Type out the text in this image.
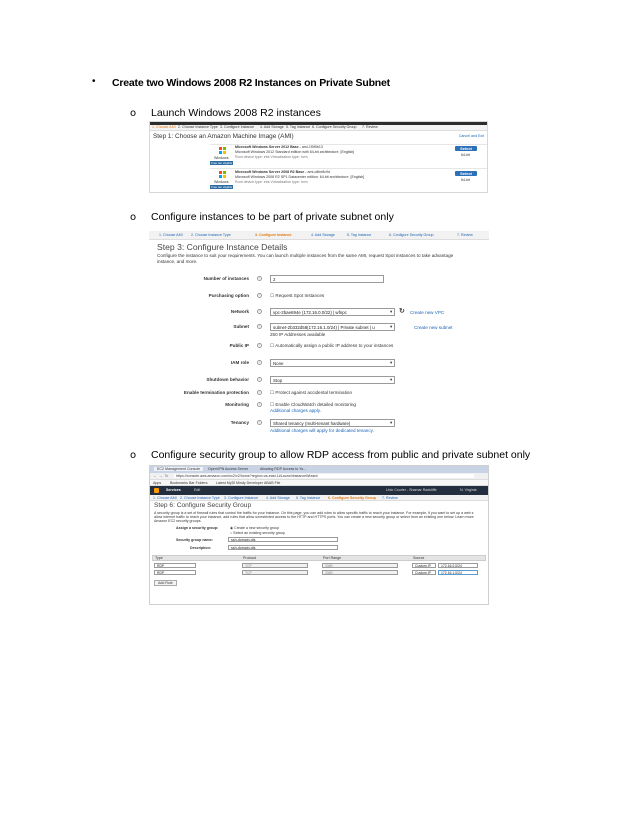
• Create two Windows 2008 R2 Instances on Private Subnet
o Launch Windows 2008 R2 instances
1. Choose AMI 2. Choose Instance Type 3. Configure Instance 4. Add Storage 5. Tag Instance 6. Configure Security Group 7. Review
Step 1: Choose an Amazon Machine Image (AMI)	Cancel and Exit
Windows
Free tier eligible
Microsoft Windows Server 2012 Base - ami-1f0f0b13
Microsoft Windows 2012 Standard edition with 64-bit architecture. [English]
Root device type: ebs Virtualization type: hvm
Select
64-bit
Windows
Free tier eligible
Microsoft Windows Server 2008 R2 Base - ami-c8be8c9d
Microsoft Windows 2008 R2 SP1 Datacenter edition. 64-bit architecture. [English]
Root device type: ebs Virtualization type: hvm
Select
64-bit
o Configure instances to be part of private subnet only
1. Choose AMI 2. Choose Instance Type	3. Configure Instance	4. Add Storage	5. Tag Instance	6. Configure Security Group	7. Review
Step 3: Configure Instance Details
Configure the instance to suit your requirements. You can launch multiple instances from the same AMI, request Spot instances to take advantage
instance, and more.
Number of instances	i	2
Purchasing option	i	☐ Request Spot Instances
Network	i	vpc-2bae694e (172.16.0.0/22) | wfnpc	▾ ↻ Create new VPC
Subnet	i	subnet-2b332d58(172.16.1.0/24) | Private subnet | u	▾	Create new subnet
250 IP Addresses available
Public IP	i	☐ Automatically assign a public IP address to your instances
IAM role	i	None	▾
Shutdown behavior	i	Stop	▾
Enable termination protection	i	☐ Protect against accidental termination
Monitoring	i	☐ Enable CloudWatch detailed monitoring
Additional charges apply.
Tenancy	i	Shared tenancy (multi-tenant hardware)	▾
Additional charges will apply for dedicated tenancy.
o Configure security group to allow RDP access from public and private subnet only
EC2 Management Console	OpenVPN Access Server	Allowing RDP Access to Yo...
← → ↻	https://console.aws.amazon.com/ec2/v2/home?region=us-east-1#LaunchInstanceWizard:
Apps Bookmarks Bar Folders Latest MyDI Mindy Developer ABAB File
Services	Edit	Unix Courier - Shamar Radcliffe	N. Virginia
1. Choose AMI 2. Choose Instance Type 3. Configure Instance 4. Add Storage 5. Tag Instance 6. Configure Security Group 7. Review
Step 6: Configure Security Group
A security group is a set of firewall rules that control the traffic for your instance. On this page, you can add rules to allow specific traffic to reach your instance. For example, if you want to set up a web s
allow internet traffic to reach your instance, add rules that allow unrestricted access to the HTTP and HTTPS ports. You can create a new security group or select from an existing one below. Learn more
Amazon EC2 security groups.
Assign a security group:	◉ Create a new security group
○ Select an existing security group
Security group name:	ssh-domain-dis
Description:	ssh-domain-dis
Type	Protocol	Port Range	Source
RDP	TCP	3389	Custom IP	172.16.0.0/24
RDP	TCP	3389	Custom IP	172.16.1.0/24
Add Rule
